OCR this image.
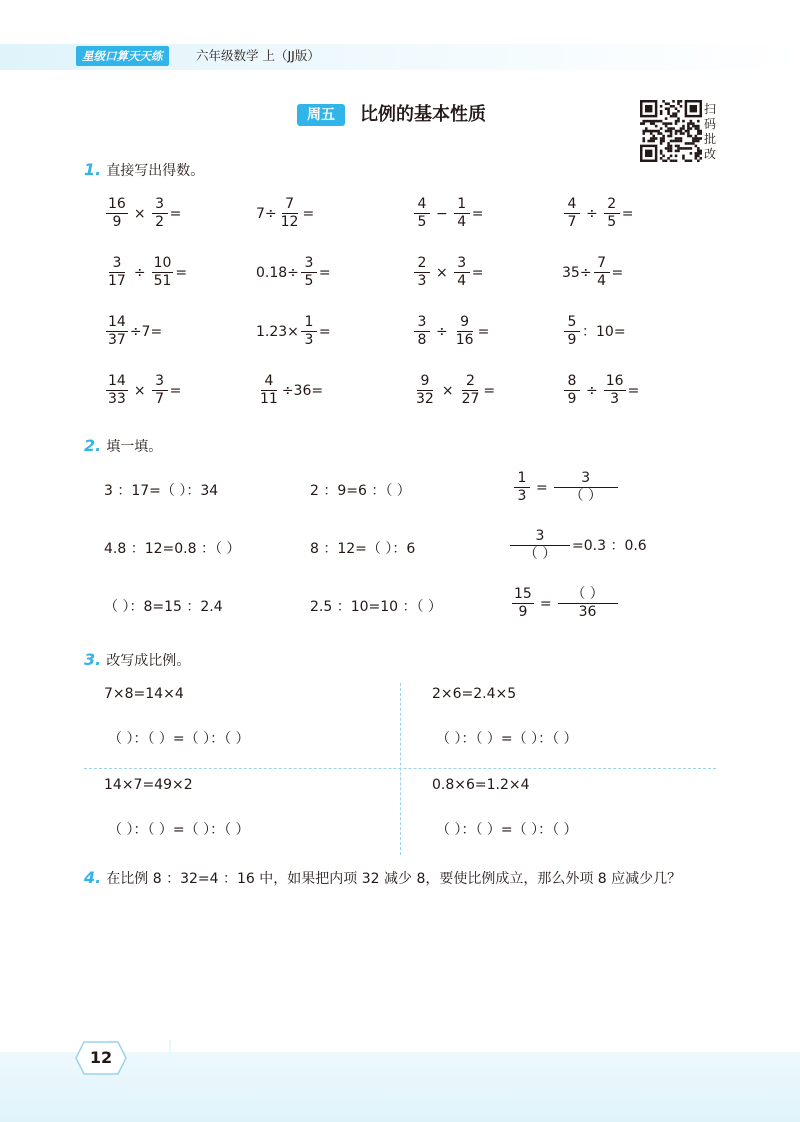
星级口算天天练	六年级数学 上（JJ版）
周五	比例的基本性质	扫码批改
1. 直接写出得数。
$\frac{16}{9} \times \frac{3}{2}$ =	$7\div \frac{7}{12}$ =	$\frac{4}{5} - \frac{1}{4}$ =	$\frac{4}{7} \div \frac{2}{5}$ =
$\frac{3}{17} \div \frac{10}{51}$ =	$0.18\div \frac{3}{5}$ =	$\frac{2}{3} \times \frac{3}{4}$ =	$35\div \frac{7}{4}$ =
$\frac{14}{37} \div 7=$	$1.23\times \frac{1}{3}$ =	$\frac{3}{8} \div \frac{9}{16}$ =	$\frac{5}{9}$ ：10=
$\frac{14}{33} \times \frac{3}{7}$ =	$\frac{4}{11} \div 36=$	$\frac{9}{32} \times \frac{2}{27}$ =	$\frac{8}{9} \div \frac{16}{3}$ =
2. 填一填。
3 ：17=（ ）：34	2 ：9=6 ：（ ）	$\frac{1}{3} = \frac{3}{( )}$
4.8 ：12=0.8 ：（ ）	8 ：12=（ ）：6	$\frac{3}{( )} =0.3$ ：0.6
（ ）：8=15 ：2.4	2.5 ：10=10 ：（ ）	$\frac{15}{9} = \frac{( )}{36}$
3. 改写成比例。
7×8=14×4
（ ）：（ ）=（ ）：（ ）
2×6=2.4×5
（ ）：（ ）=（ ）：（ ）
14×7=49×2
（ ）：（ ）=（ ）：（ ）
0.8×6=1.2×4
（ ）：（ ）=（ ）：（ ）
4. 在比例 8 ：32=4 ：16 中，如果把内项 32 减少 8，要使比例成立，那么外项 8 应减少几？
12
